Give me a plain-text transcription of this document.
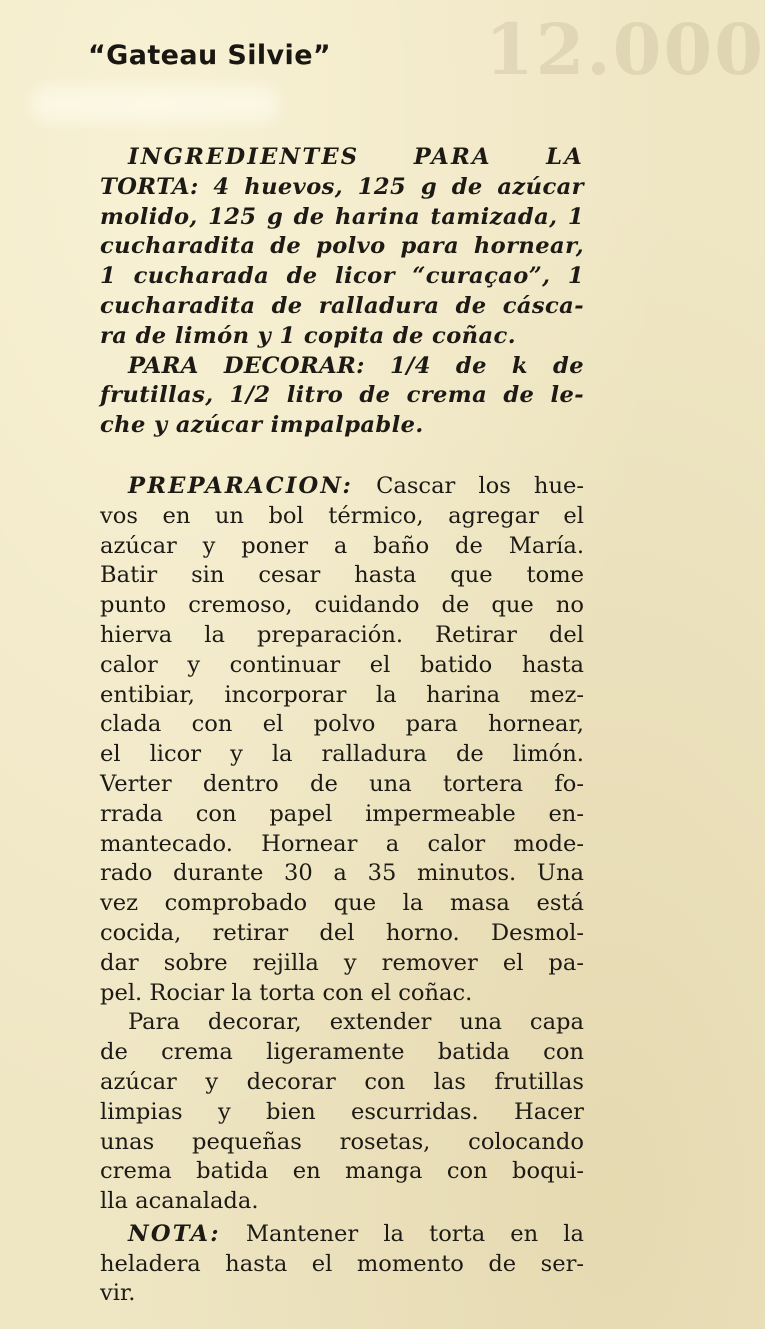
12.000
“Gateau Silvie”
INGREDIENTES PARA LA
TORTA: 4 huevos, 125 g de azúcar
molido, 125 g de harina tamizada, 1
cucharadita de polvo para hornear,
1 cucharada de licor “curaçao”, 1
cucharadita de ralladura de cásca-
ra de limón y 1 copita de coñac.
PARA DECORAR: 1/4 de k de
frutillas, 1/2 litro de crema de le-
che y azúcar impalpable.
PREPARACION: Cascar los hue-
vos en un bol térmico, agregar el
azúcar y poner a baño de María.
Batir sin cesar hasta que tome
punto cremoso, cuidando de que no
hierva la preparación. Retirar del
calor y continuar el batido hasta
entibiar, incorporar la harina mez-
clada con el polvo para hornear,
el licor y la ralladura de limón.
Verter dentro de una tortera fo-
rrada con papel impermeable en-
mantecado. Hornear a calor mode-
rado durante 30 a 35 minutos. Una
vez comprobado que la masa está
cocida, retirar del horno. Desmol-
dar sobre rejilla y remover el pa-
pel. Rociar la torta con el coñac.
Para decorar, extender una capa
de crema ligeramente batida con
azúcar y decorar con las frutillas
limpias y bien escurridas. Hacer
unas pequeñas rosetas, colocando
crema batida en manga con boqui-
lla acanalada.
NOTA: Mantener la torta en la
heladera hasta el momento de ser-
vir.
